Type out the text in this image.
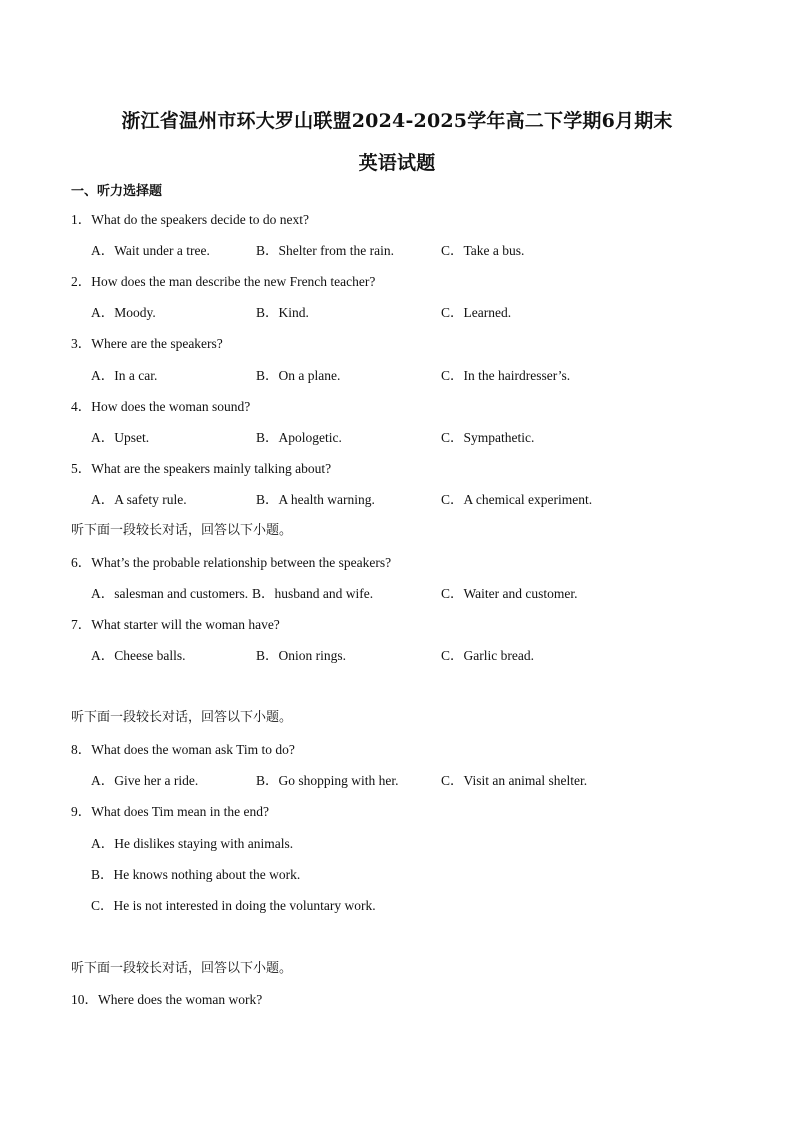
浙江省温州市环大罗山联盟2024-2025学年高二下学期6月期末
英语试题
一、听力选择题
1．What do the speakers decide to do next?
A．Wait under a tree.	B．Shelter from the rain.	C．Take a bus.
2．How does the man describe the new French teacher?
A．Moody.	B．Kind.	C．Learned.
3．Where are the speakers?
A．In a car.	B．On a plane.	C．In the hairdresser’s.
4．How does the woman sound?
A．Upset.	B．Apologetic.	C．Sympathetic.
5．What are the speakers mainly talking about?
A．A safety rule.	B．A health warning.	C．A chemical experiment.
听下面一段较长对话，回答以下小题。
6．What’s the probable relationship between the speakers?
A．salesman and customers. B．husband and wife.	C．Waiter and customer.
7．What starter will the woman have?
A．Cheese balls.	B．Onion rings.	C．Garlic bread.
听下面一段较长对话，回答以下小题。
8．What does the woman ask Tim to do?
A．Give her a ride.	B．Go shopping with her.	C．Visit an animal shelter.
9．What does Tim mean in the end?
A．He dislikes staying with animals.
B．He knows nothing about the work.
C．He is not interested in doing the voluntary work.
听下面一段较长对话，回答以下小题。
10．Where does the woman work?
